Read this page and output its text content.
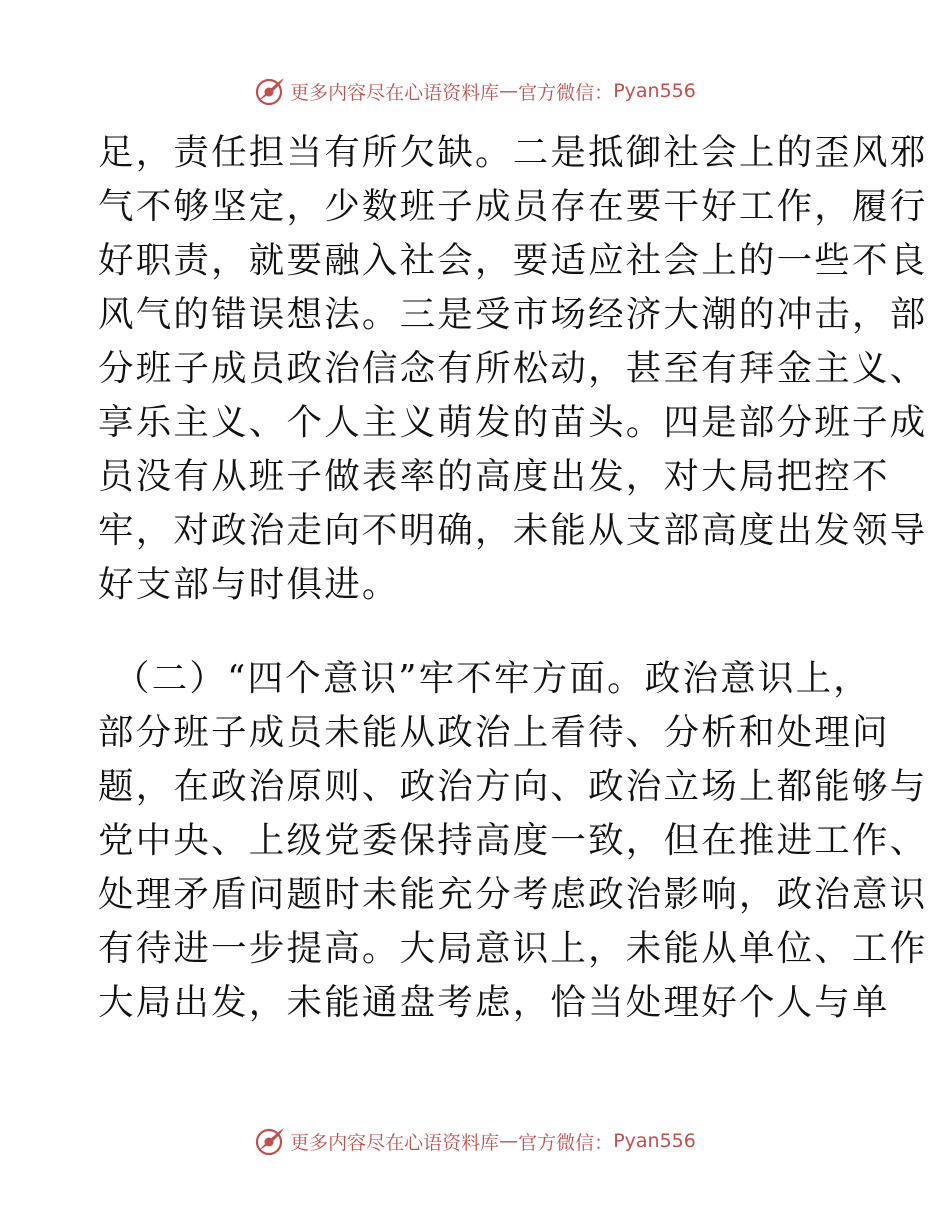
更多内容尽在心语资料库 — 官方微信： Pyan556
足，责任担当有所欠缺。二是抵御社会上的歪风邪
气不够坚定，少数班子成员存在要干好工作，履行
好职责，就要融入社会，要适应社会上的一些不良
风气的错误想法。三是受市场经济大潮的冲击，部
分班子成员政治信念有所松动，甚至有拜金主义、
享乐主义、个人主义萌发的苗头。四是部分班子成
员没有从班子做表率的高度出发，对大局把控不
牢，对政治走向不明确，未能从支部高度出发领导
好支部与时俱进。
（二）“四个意识”牢不牢方面。政治意识上，
部分班子成员未能从政治上看待、分析和处理问
题，在政治原则、政治方向、政治立场上都能够与
党中央、上级党委保持高度一致，但在推进工作、
处理矛盾问题时未能充分考虑政治影响，政治意识
有待进一步提高。大局意识上，未能从单位、工作
大局出发，未能通盘考虑，恰当处理好个人与单
更多内容尽在心语资料库 — 官方微信： Pyan556
